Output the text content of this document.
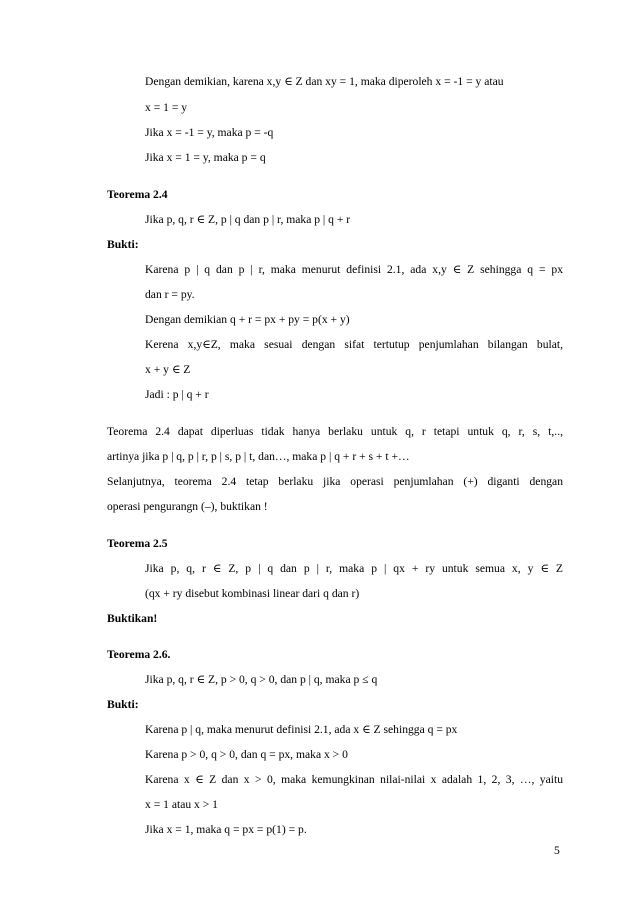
Dengan demikian, karena x,y ∈ Z dan xy = 1, maka diperoleh x = -1 = y atau
x = 1 = y
Jika x = -1 = y, maka p = -q
Jika x = 1 = y, maka p = q
Teorema 2.4
Jika p, q, r ∈ Z, p | q dan p | r, maka p | q + r
Bukti:
Karena p | q dan p | r, maka menurut definisi 2.1, ada x,y ∈ Z sehingga q = px
dan r = py.
Dengan demikian q + r = px + py = p(x + y)
Kerena x,y∈Z, maka sesuai dengan sifat tertutup penjumlahan bilangan bulat,
x + y ∈ Z
Jadi : p | q + r
Teorema 2.4 dapat diperluas tidak hanya berlaku untuk q, r tetapi untuk q, r, s, t,..,
artinya jika p | q, p | r, p | s, p | t, dan…, maka p | q + r + s + t +…
Selanjutnya, teorema 2.4 tetap berlaku jika operasi penjumlahan (+) diganti dengan
operasi pengurangn (–), buktikan !
Teorema 2.5
Jika p, q, r ∈ Z, p | q dan p | r, maka p | qx + ry untuk semua x, y ∈ Z
(qx + ry disebut kombinasi linear dari q dan r)
Buktikan!
Teorema 2.6.
Jika p, q, r ∈ Z, p > 0, q > 0, dan p | q, maka p ≤ q
Bukti:
Karena p | q, maka menurut definisi 2.1, ada x ∈ Z sehingga q = px
Karena p > 0, q > 0, dan q = px, maka x > 0
Karena x ∈ Z dan x > 0, maka kemungkinan nilai-nilai x adalah 1, 2, 3, …, yaitu
x = 1 atau x > 1
Jika x = 1, maka q = px = p(1) = p.
5
